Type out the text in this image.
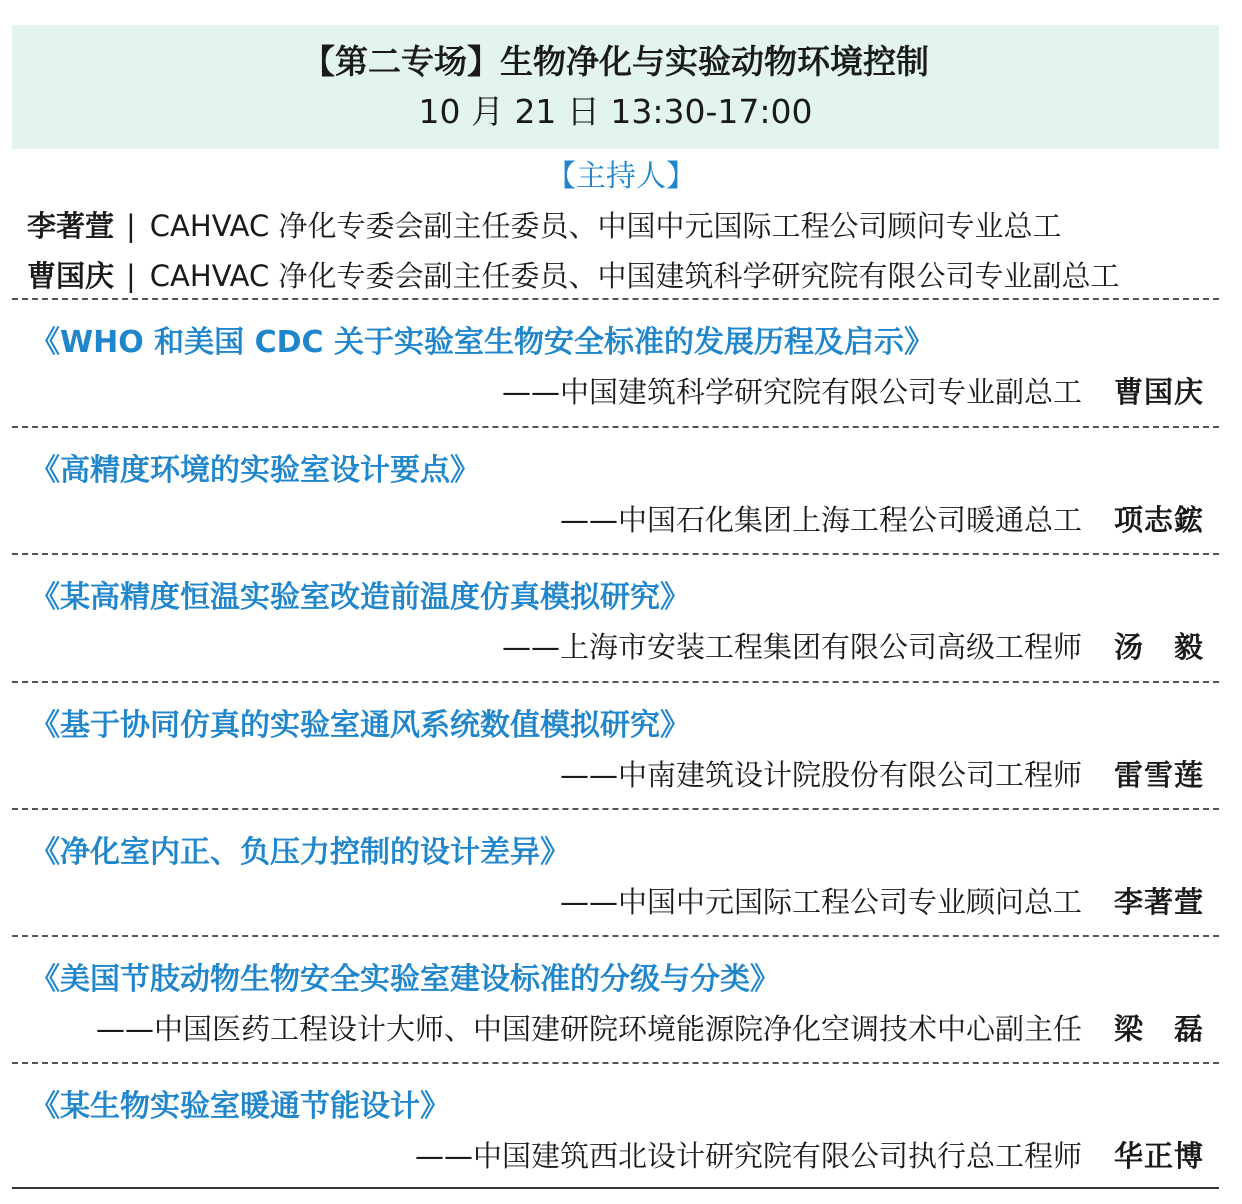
【第二专场】生物净化与实验动物环境控制
10 月 21 日 13:30-17:00
【主持人】
李著萱 | CAHVAC 净化专委会副主任委员、中国中元国际工程公司顾问专业总工
曹国庆 | CAHVAC 净化专委会副主任委员、中国建筑科学研究院有限公司专业副总工
《WHO 和美国 CDC 关于实验室生物安全标准的发展历程及启示》
——中国建筑科学研究院有限公司专业副总工 曹国庆
《高精度环境的实验室设计要点》
——中国石化集团上海工程公司暖通总工 项志鋐
《某高精度恒温实验室改造前温度仿真模拟研究》
——上海市安装工程集团有限公司高级工程师 汤　毅
《基于协同仿真的实验室通风系统数值模拟研究》
——中南建筑设计院股份有限公司工程师 雷雪莲
《净化室内正、负压力控制的设计差异》
——中国中元国际工程公司专业顾问总工 李著萱
《美国节肢动物生物安全实验室建设标准的分级与分类》
——中国医药工程设计大师、中国建研院环境能源院净化空调技术中心副主任 梁　磊
《某生物实验室暖通节能设计》
——中国建筑西北设计研究院有限公司执行总工程师 华正博
